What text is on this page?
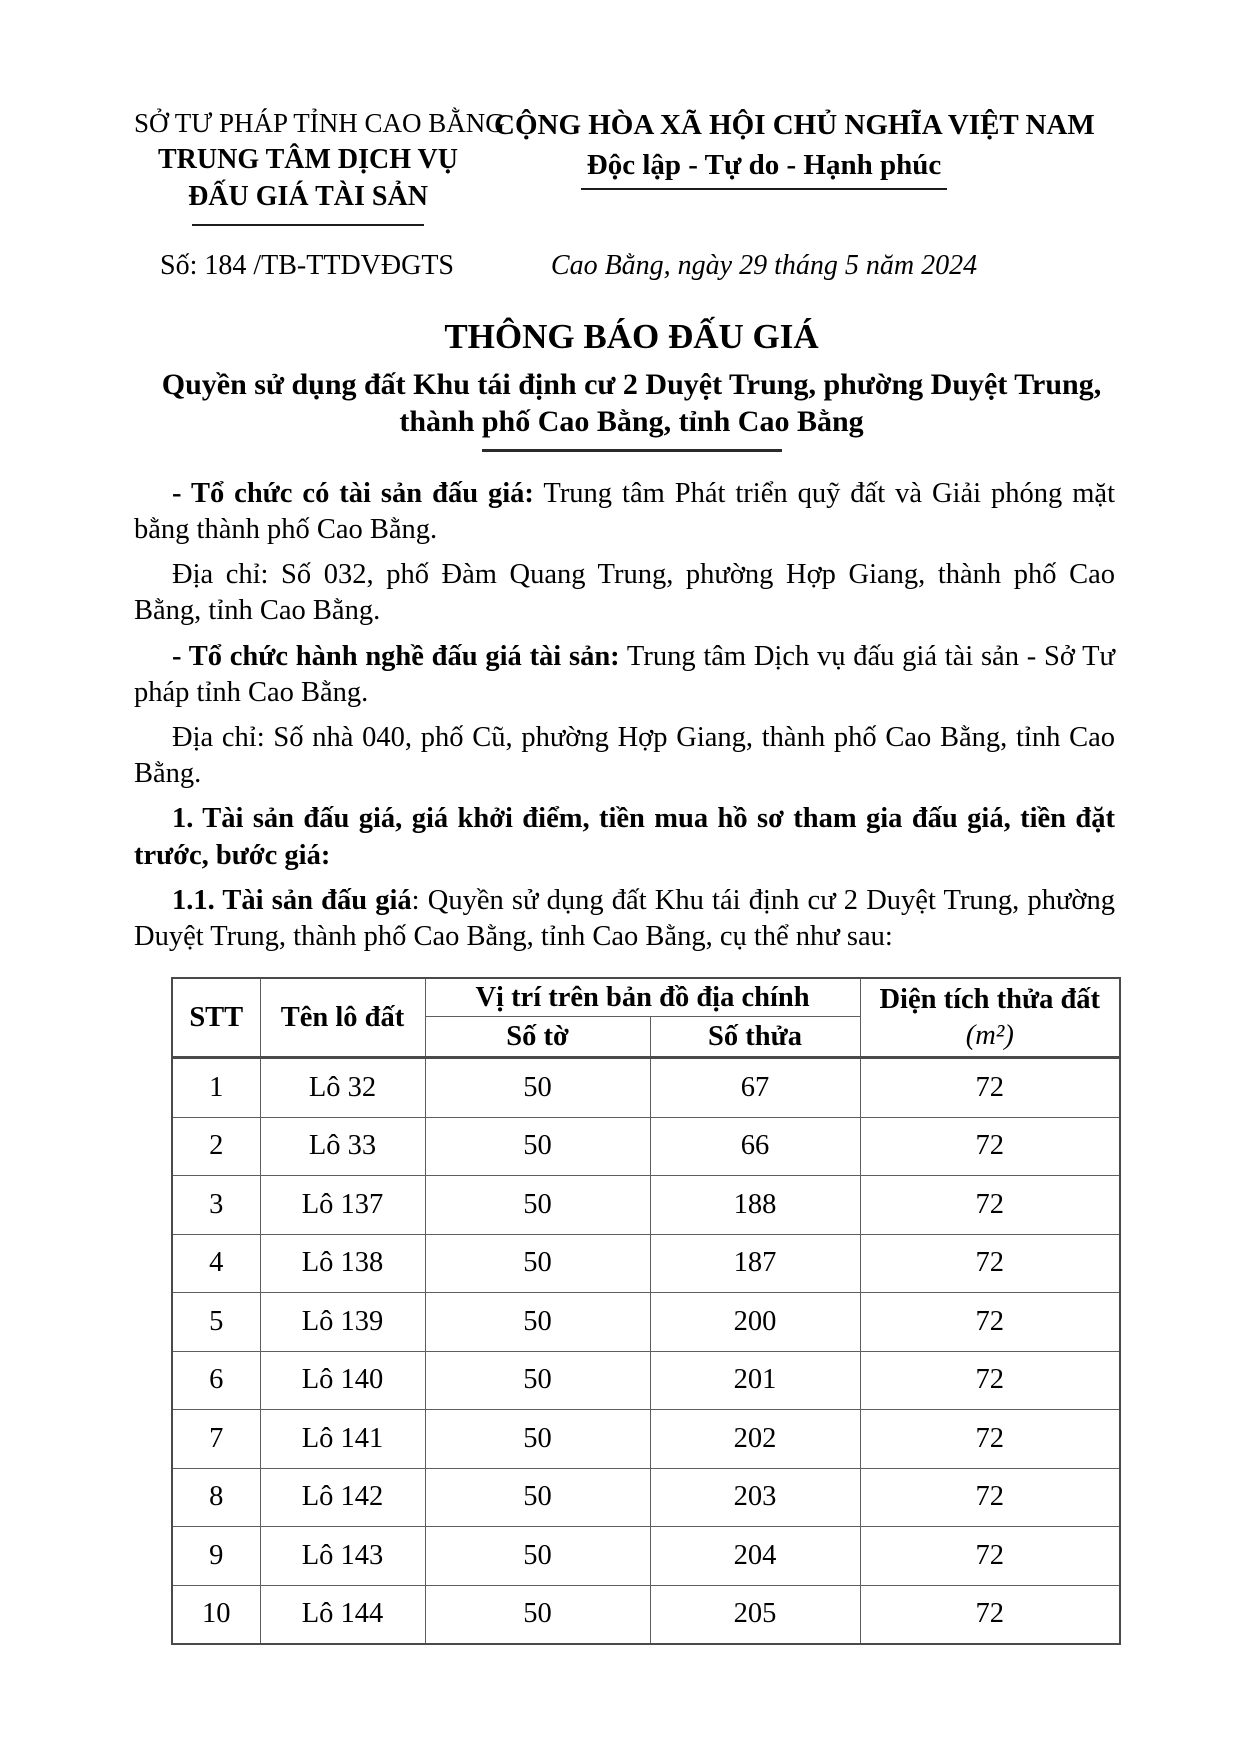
SỞ TƯ PHÁP TỈNH CAO BẰNG
TRUNG TÂM DỊCH VỤ
ĐẤU GIÁ TÀI SẢN
CỘNG HÒA XÃ HỘI CHỦ NGHĨA VIỆT NAM
Độc lập - Tự do - Hạnh phúc
Số: 184 /TB-TTDVĐGTS	Cao Bằng, ngày 29 tháng 5 năm 2024
THÔNG BÁO ĐẤU GIÁ
Quyền sử dụng đất Khu tái định cư 2 Duyệt Trung, phường Duyệt Trung, thành phố Cao Bằng, tỉnh Cao Bằng

- Tổ chức có tài sản đấu giá: Trung tâm Phát triển quỹ đất và Giải phóng mặt bằng thành phố Cao Bằng.

Địa chỉ: Số 032, phố Đàm Quang Trung, phường Hợp Giang, thành phố Cao Bằng, tỉnh Cao Bằng.

- Tổ chức hành nghề đấu giá tài sản: Trung tâm Dịch vụ đấu giá tài sản - Sở Tư pháp tỉnh Cao Bằng.

Địa chỉ: Số nhà 040, phố Cũ, phường Hợp Giang, thành phố Cao Bằng, tỉnh Cao Bằng.

1. Tài sản đấu giá, giá khởi điểm, tiền mua hồ sơ tham gia đấu giá, tiền đặt trước, bước giá:

1.1. Tài sản đấu giá: Quyền sử dụng đất Khu tái định cư 2 Duyệt Trung, phường Duyệt Trung, thành phố Cao Bằng, tỉnh Cao Bằng, cụ thể như sau:

STT	Tên lô đất	Vị trí trên bản đồ địa chính		Diện tích thửa đất
(m²)
		Số tờ	Số thửa	
1	Lô 32	50	67	72
2	Lô 33	50	66	72
3	Lô 137	50	188	72
4	Lô 138	50	187	72
5	Lô 139	50	200	72
6	Lô 140	50	201	72
7	Lô 141	50	202	72
8	Lô 142	50	203	72
9	Lô 143	50	204	72
10	Lô 144	50	205	72
